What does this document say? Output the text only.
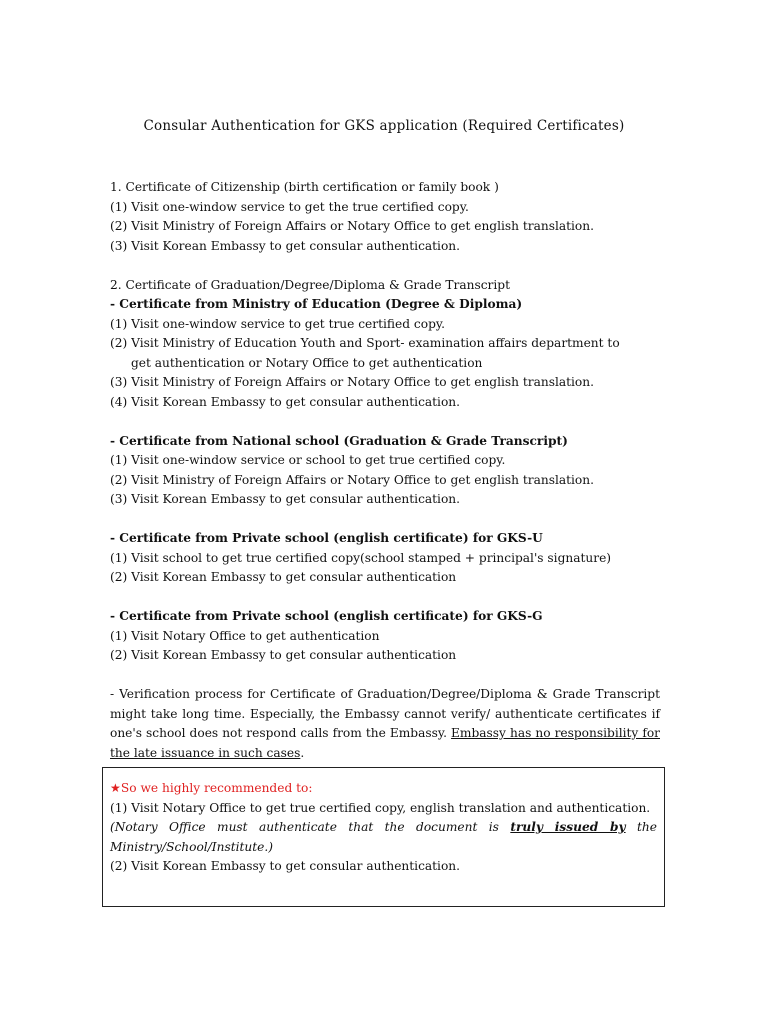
Consular Authentication for GKS application (Required Certificates)
1. Certificate of Citizenship (birth certification or family book )
(1) Visit one-window service to get the true certified copy.
(2) Visit Ministry of Foreign Affairs or Notary Office to get english translation.
(3) Visit Korean Embassy to get consular authentication.
2. Certificate of Graduation/Degree/Diploma & Grade Transcript
- Certificate from Ministry of Education (Degree & Diploma)
(1) Visit one-window service to get true certified copy.
(2) Visit Ministry of Education Youth and Sport- examination affairs department to
get authentication or Notary Office to get authentication
(3) Visit Ministry of Foreign Affairs or Notary Office to get english translation.
(4) Visit Korean Embassy to get consular authentication.
- Certificate from National school (Graduation & Grade Transcript)
(1) Visit one-window service or school to get true certified copy.
(2) Visit Ministry of Foreign Affairs or Notary Office to get english translation.
(3) Visit Korean Embassy to get consular authentication.
- Certificate from Private school (english certificate) for GKS-U
(1) Visit school to get true certified copy(school stamped + principal's signature)
(2) Visit Korean Embassy to get consular authentication
- Certificate from Private school (english certificate) for GKS-G
(1) Visit Notary Office to get authentication
(2) Visit Korean Embassy to get consular authentication
- Verification process for Certificate of Graduation/Degree/Diploma & Grade Transcript might take long time. Especially, the Embassy cannot verify/ authenticate certificates if one's school does not respond calls from the Embassy. Embassy has no responsibility for the late issuance in such cases.
★So we highly recommended to:
(1) Visit Notary Office to get true certified copy, english translation and authentication.
(Notary Office must authenticate that the document is truly issued by the Ministry/School/Institute.)
(2) Visit Korean Embassy to get consular authentication.
